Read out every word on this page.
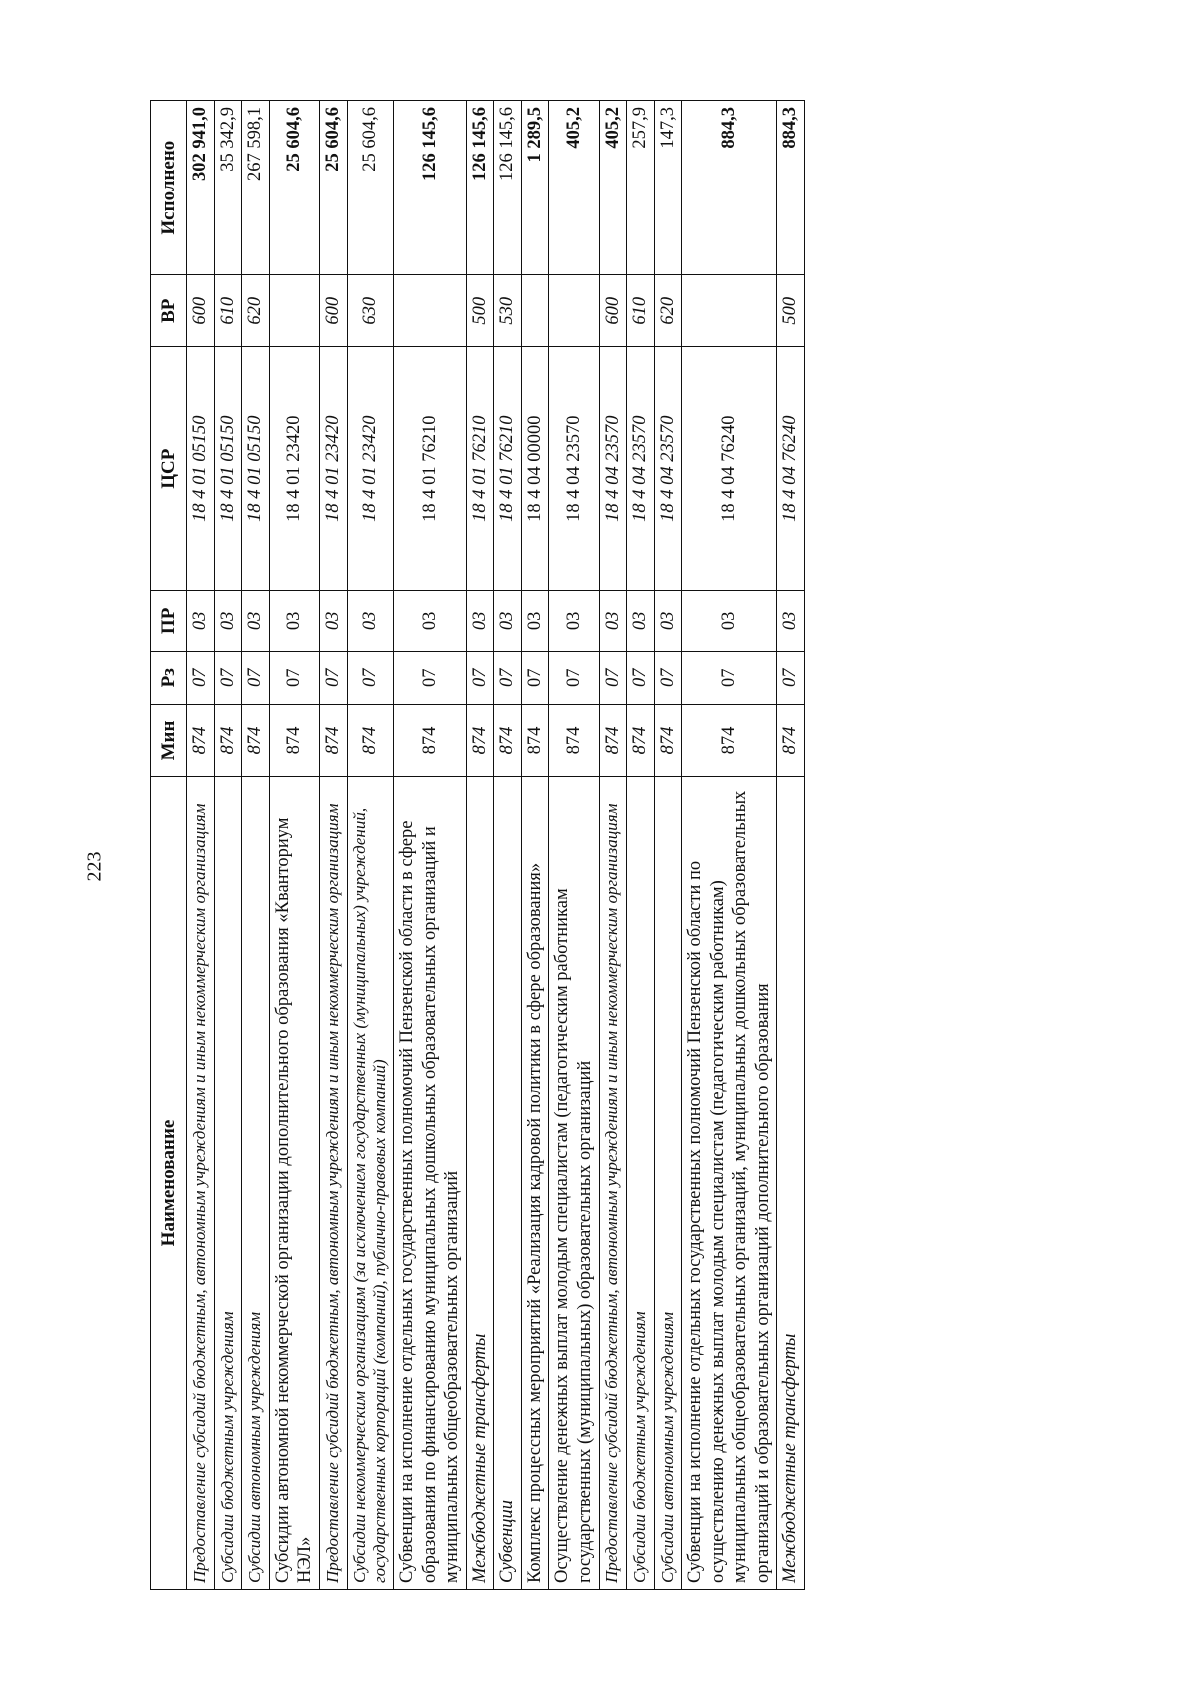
223
Наименование	Мин	Рз	ПР	ЦСР	ВР	Исполнено
Предоставление субсидий бюджетным, автономным учреждениям и иным некоммерческим организациям	874	07	03	18 4 01 05150	600	302 941,0
Субсидии бюджетным учреждениям	874	07	03	18 4 01 05150	610	35 342,9
Субсидии автономным учреждениям	874	07	03	18 4 01 05150	620	267 598,1
Субсидии автономной некоммерческой организации дополнительного образования «Кванториум НЭЛ»	874	07	03	18 4 01 23420		25 604,6
Предоставление субсидий бюджетным, автономным учреждениям и иным некоммерческим организациям	874	07	03	18 4 01 23420	600	25 604,6
Субсидии некоммерческим организациям (за исключением государственных (муниципальных) учреждений, государственных корпораций (компаний), публично-правовых компаний)	874	07	03	18 4 01 23420	630	25 604,6
Субвенции на исполнение отдельных государственных полномочий Пензенской области в сфере образования по финансированию муниципальных дошкольных образовательных организаций и муниципальных общеобразовательных организаций	874	07	03	18 4 01 76210		126 145,6
Межбюджетные трансферты	874	07	03	18 4 01 76210	500	126 145,6
Субвенции	874	07	03	18 4 01 76210	530	126 145,6
Комплекс процессных мероприятий «Реализация кадровой политики в сфере образования»	874	07	03	18 4 04 00000		1 289,5
Осуществление денежных выплат молодым специалистам (педагогическим работникам государственных (муниципальных) образовательных организаций	874	07	03	18 4 04 23570		405,2
Предоставление субсидий бюджетным, автономным учреждениям и иным некоммерческим организациям	874	07	03	18 4 04 23570	600	405,2
Субсидии бюджетным учреждениям	874	07	03	18 4 04 23570	610	257,9
Субсидии автономным учреждениям	874	07	03	18 4 04 23570	620	147,3
Субвенции на исполнение отдельных государственных полномочий Пензенской области по осуществлению денежных выплат молодым специалистам (педагогическим работникам) муниципальных общеобразовательных организаций, муниципальных дошкольных образовательных организаций и образовательных организаций дополнительного образования	874	07	03	18 4 04 76240		884,3
Межбюджетные трансферты	874	07	03	18 4 04 76240	500	884,3
